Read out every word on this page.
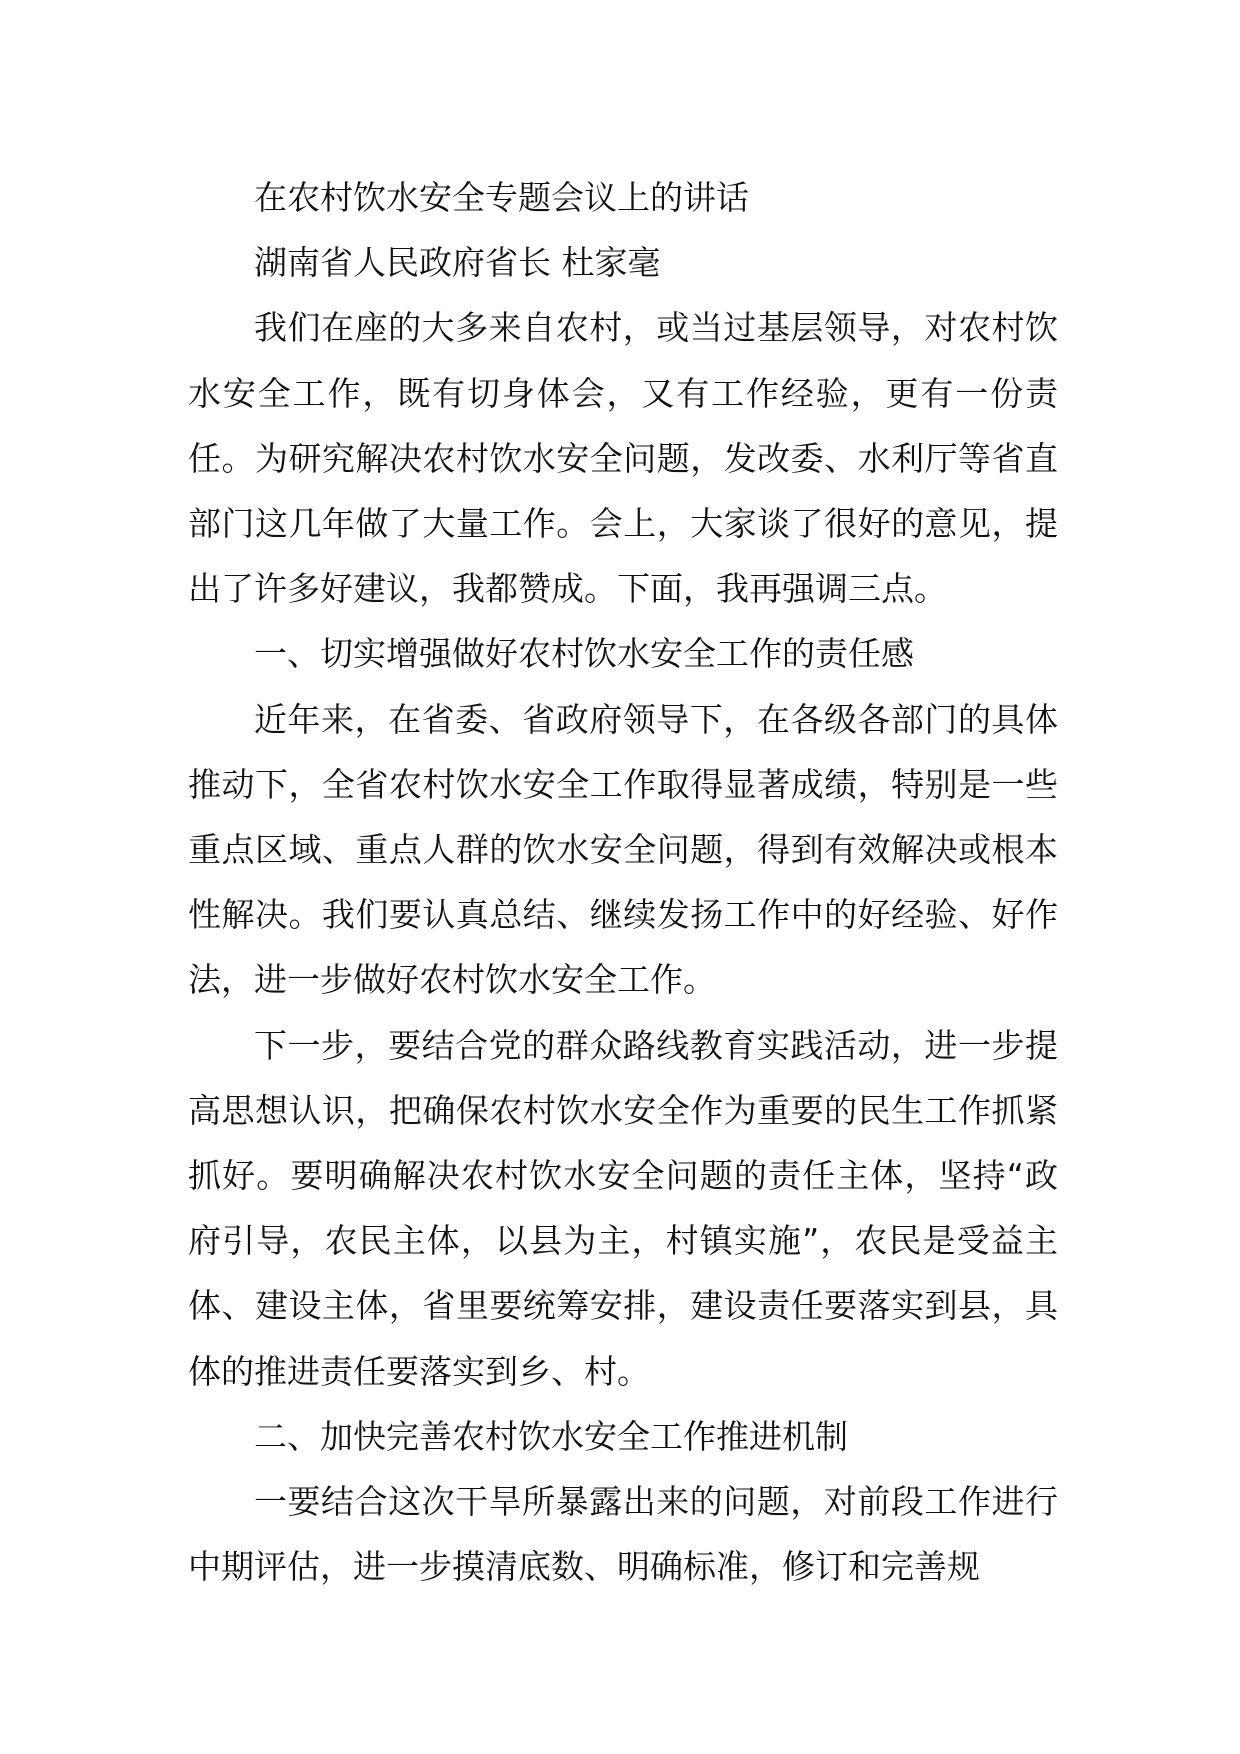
在农村饮水安全专题会议上的讲话

湖南省人民政府省长 杜家毫

我们在座的大多来自农村，或当过基层领导，对农村饮水安全工作，既有切身体会，又有工作经验，更有一份责任。为研究解决农村饮水安全问题，发改委、水利厅等省直部门这几年做了大量工作。会上，大家谈了很好的意见，提出了许多好建议，我都赞成。下面，我再强调三点。

一、切实增强做好农村饮水安全工作的责任感

近年来，在省委、省政府领导下，在各级各部门的具体推动下，全省农村饮水安全工作取得显著成绩，特别是一些重点区域、重点人群的饮水安全问题，得到有效解决或根本性解决。我们要认真总结、继续发扬工作中的好经验、好作法，进一步做好农村饮水安全工作。

下一步，要结合党的群众路线教育实践活动，进一步提高思想认识，把确保农村饮水安全作为重要的民生工作抓紧抓好。要明确解决农村饮水安全问题的责任主体，坚持“政府引导，农民主体，以县为主，村镇实施”，农民是受益主体、建设主体，省里要统筹安排，建设责任要落实到县，具体的推进责任要落实到乡、村。

二、加快完善农村饮水安全工作推进机制

一要结合这次干旱所暴露出来的问题，对前段工作进行中期评估，进一步摸清底数、明确标准，修订和完善规
